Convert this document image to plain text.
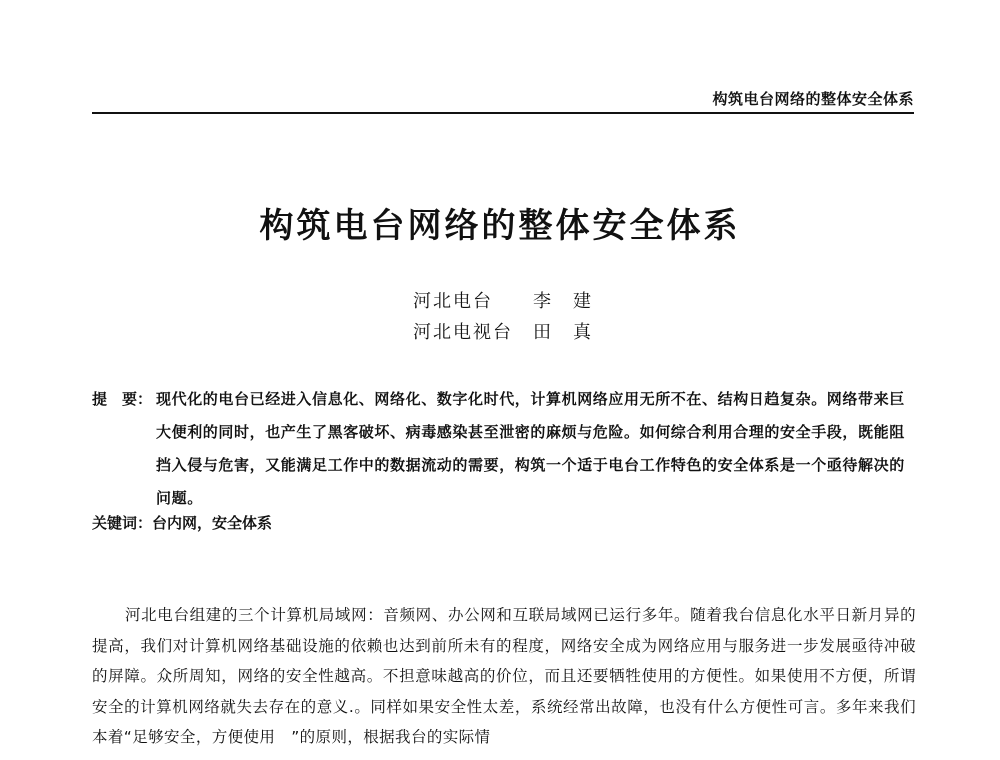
构筑电台网络的整体安全体系
构筑电台网络的整体安全体系
河北电台 李　建
河北电视台 田　真
提　要： 现代化的电台已经进入信息化、网络化、数字化时代，计算机网络应用无所不在、结构日趋复杂。网络带来巨大便利的同时，也产生了黑客破坏、病毒感染甚至泄密的麻烦与危险。如何综合利用合理的安全手段，既能阻挡入侵与危害，又能满足工作中的数据流动的需要，构筑一个适于电台工作特色的安全体系是一个亟待解决的问题。
关键词：台内网，安全体系
河北电台组建的三个计算机局域网：音频网、办公网和互联局域网已运行多年。随着我台信息化水平日新月异的提高，我们对计算机网络基础设施的依赖也达到前所未有的程度，网络安全成为网络应用与服务进一步发展亟待冲破的屏障。众所周知，网络的安全性越高。不担意味越高的价位，而且还要牺牲使用的方便性。如果使用不方便，所谓安全的计算机网络就失去存在的意义.。同样如果安全性太差，系统经常出故障，也没有什么方便性可言。多年来我们本着“足够安全，方便使用　”的原则，根据我台的实际情
